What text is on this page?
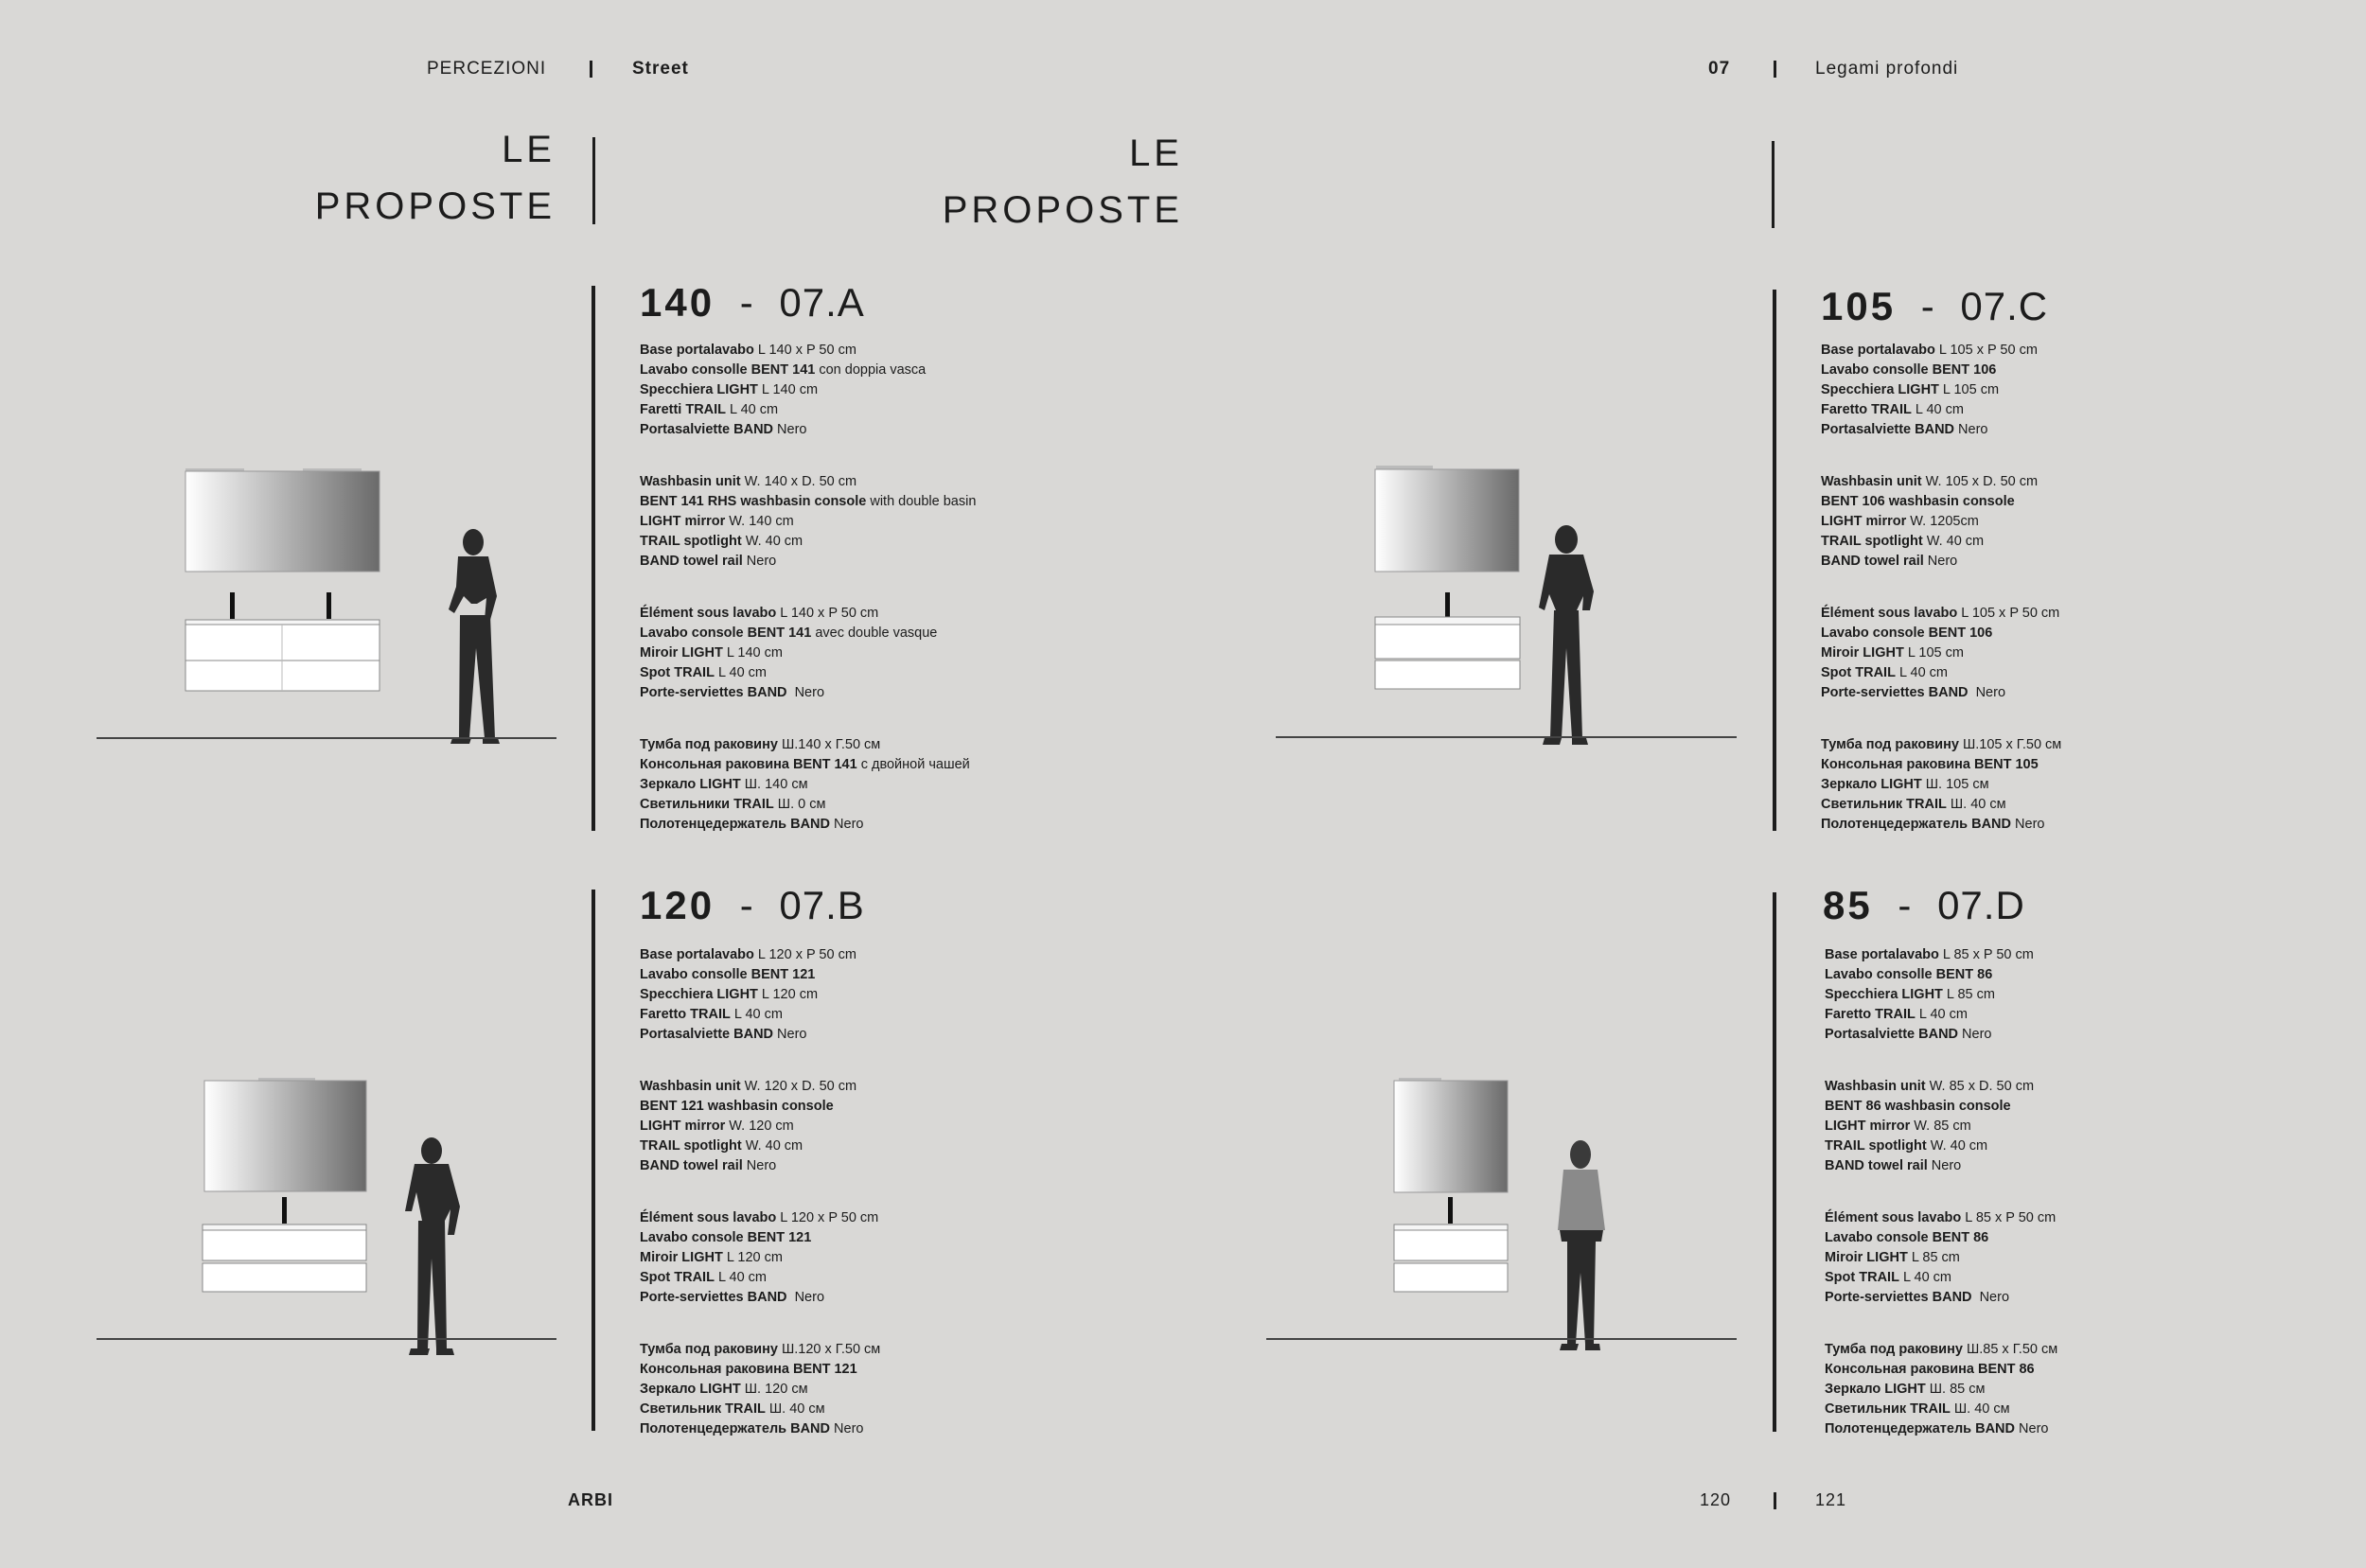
PERCEZIONI	Street
LE
PROPOSTE
140 - 07.A
Base portalavabo L 140 x P 50 cm
Lavabo consolle BENT 141 con doppia vasca
Specchiera LIGHT L 140 cm
Faretti TRAIL L 40 cm
Portasalviette BAND Nero
Washbasin unit W. 140 x D. 50 cm
BENT 141 RHS washbasin console with double basin
LIGHT mirror W. 140 cm
TRAIL spotlight W. 40 cm
BAND towel rail Nero
Élément sous lavabo L 140 x P 50 cm
Lavabo console BENT 141 avec double vasque
Miroir LIGHT L 140 cm
Spot TRAIL L 40 cm
Porte-serviettes BAND  Nero
Тумба под раковину Ш.140 х Г.50 см
Консольная раковина BENT 141 с двойной чашей
Зеркало LIGHT Ш. 140 см
Светильники TRAIL Ш. 0 см
Полотенцедержатель BAND Nero
120 - 07.B
Base portalavabo L 120 x P 50 cm
Lavabo consolle BENT 121
Specchiera LIGHT L 120 cm
Faretto TRAIL L 40 cm
Portasalviette BAND Nero
Washbasin unit W. 120 x D. 50 cm
BENT 121 washbasin console
LIGHT mirror W. 120 cm
TRAIL spotlight W. 40 cm
BAND towel rail Nero
Élément sous lavabo L 120 x P 50 cm
Lavabo console BENT 121
Miroir LIGHT L 120 cm
Spot TRAIL L 40 cm
Porte-serviettes BAND  Nero
Тумба под раковину Ш.120 х Г.50 см
Консольная раковина BENT 121
Зеркало LIGHT Ш. 120 см
Светильник TRAIL Ш. 40 см
Полотенцедержатель BAND Nero
ARBI
07	Legami profondi
LE
PROPOSTE
105 - 07.C
Base portalavabo L 105 x P 50 cm
Lavabo consolle BENT 106
Specchiera LIGHT L 105 cm
Faretto TRAIL L 40 cm
Portasalviette BAND Nero
Washbasin unit W. 105 x D. 50 cm
BENT 106 washbasin console
LIGHT mirror W. 1205cm
TRAIL spotlight W. 40 cm
BAND towel rail Nero
Élément sous lavabo L 105 x P 50 cm
Lavabo console BENT 106
Miroir LIGHT L 105 cm
Spot TRAIL L 40 cm
Porte-serviettes BAND  Nero
Тумба под раковину Ш.105 х Г.50 см
Консольная раковина BENT 105
Зеркало LIGHT Ш. 105 см
Светильник TRAIL Ш. 40 см
Полотенцедержатель BAND Nero
85 - 07.D
Base portalavabo L 85 x P 50 cm
Lavabo consolle BENT 86
Specchiera LIGHT L 85 cm
Faretto TRAIL L 40 cm
Portasalviette BAND Nero
Washbasin unit W. 85 x D. 50 cm
BENT 86 washbasin console
LIGHT mirror W. 85 cm
TRAIL spotlight W. 40 cm
BAND towel rail Nero
Élément sous lavabo L 85 x P 50 cm
Lavabo console BENT 86
Miroir LIGHT L 85 cm
Spot TRAIL L 40 cm
Porte-serviettes BAND  Nero
Тумба под раковину Ш.85 х Г.50 см
Консольная раковина BENT 86
Зеркало LIGHT Ш. 85 см
Светильник TRAIL Ш. 40 см
Полотенцедержатель BAND Nero
120	121
